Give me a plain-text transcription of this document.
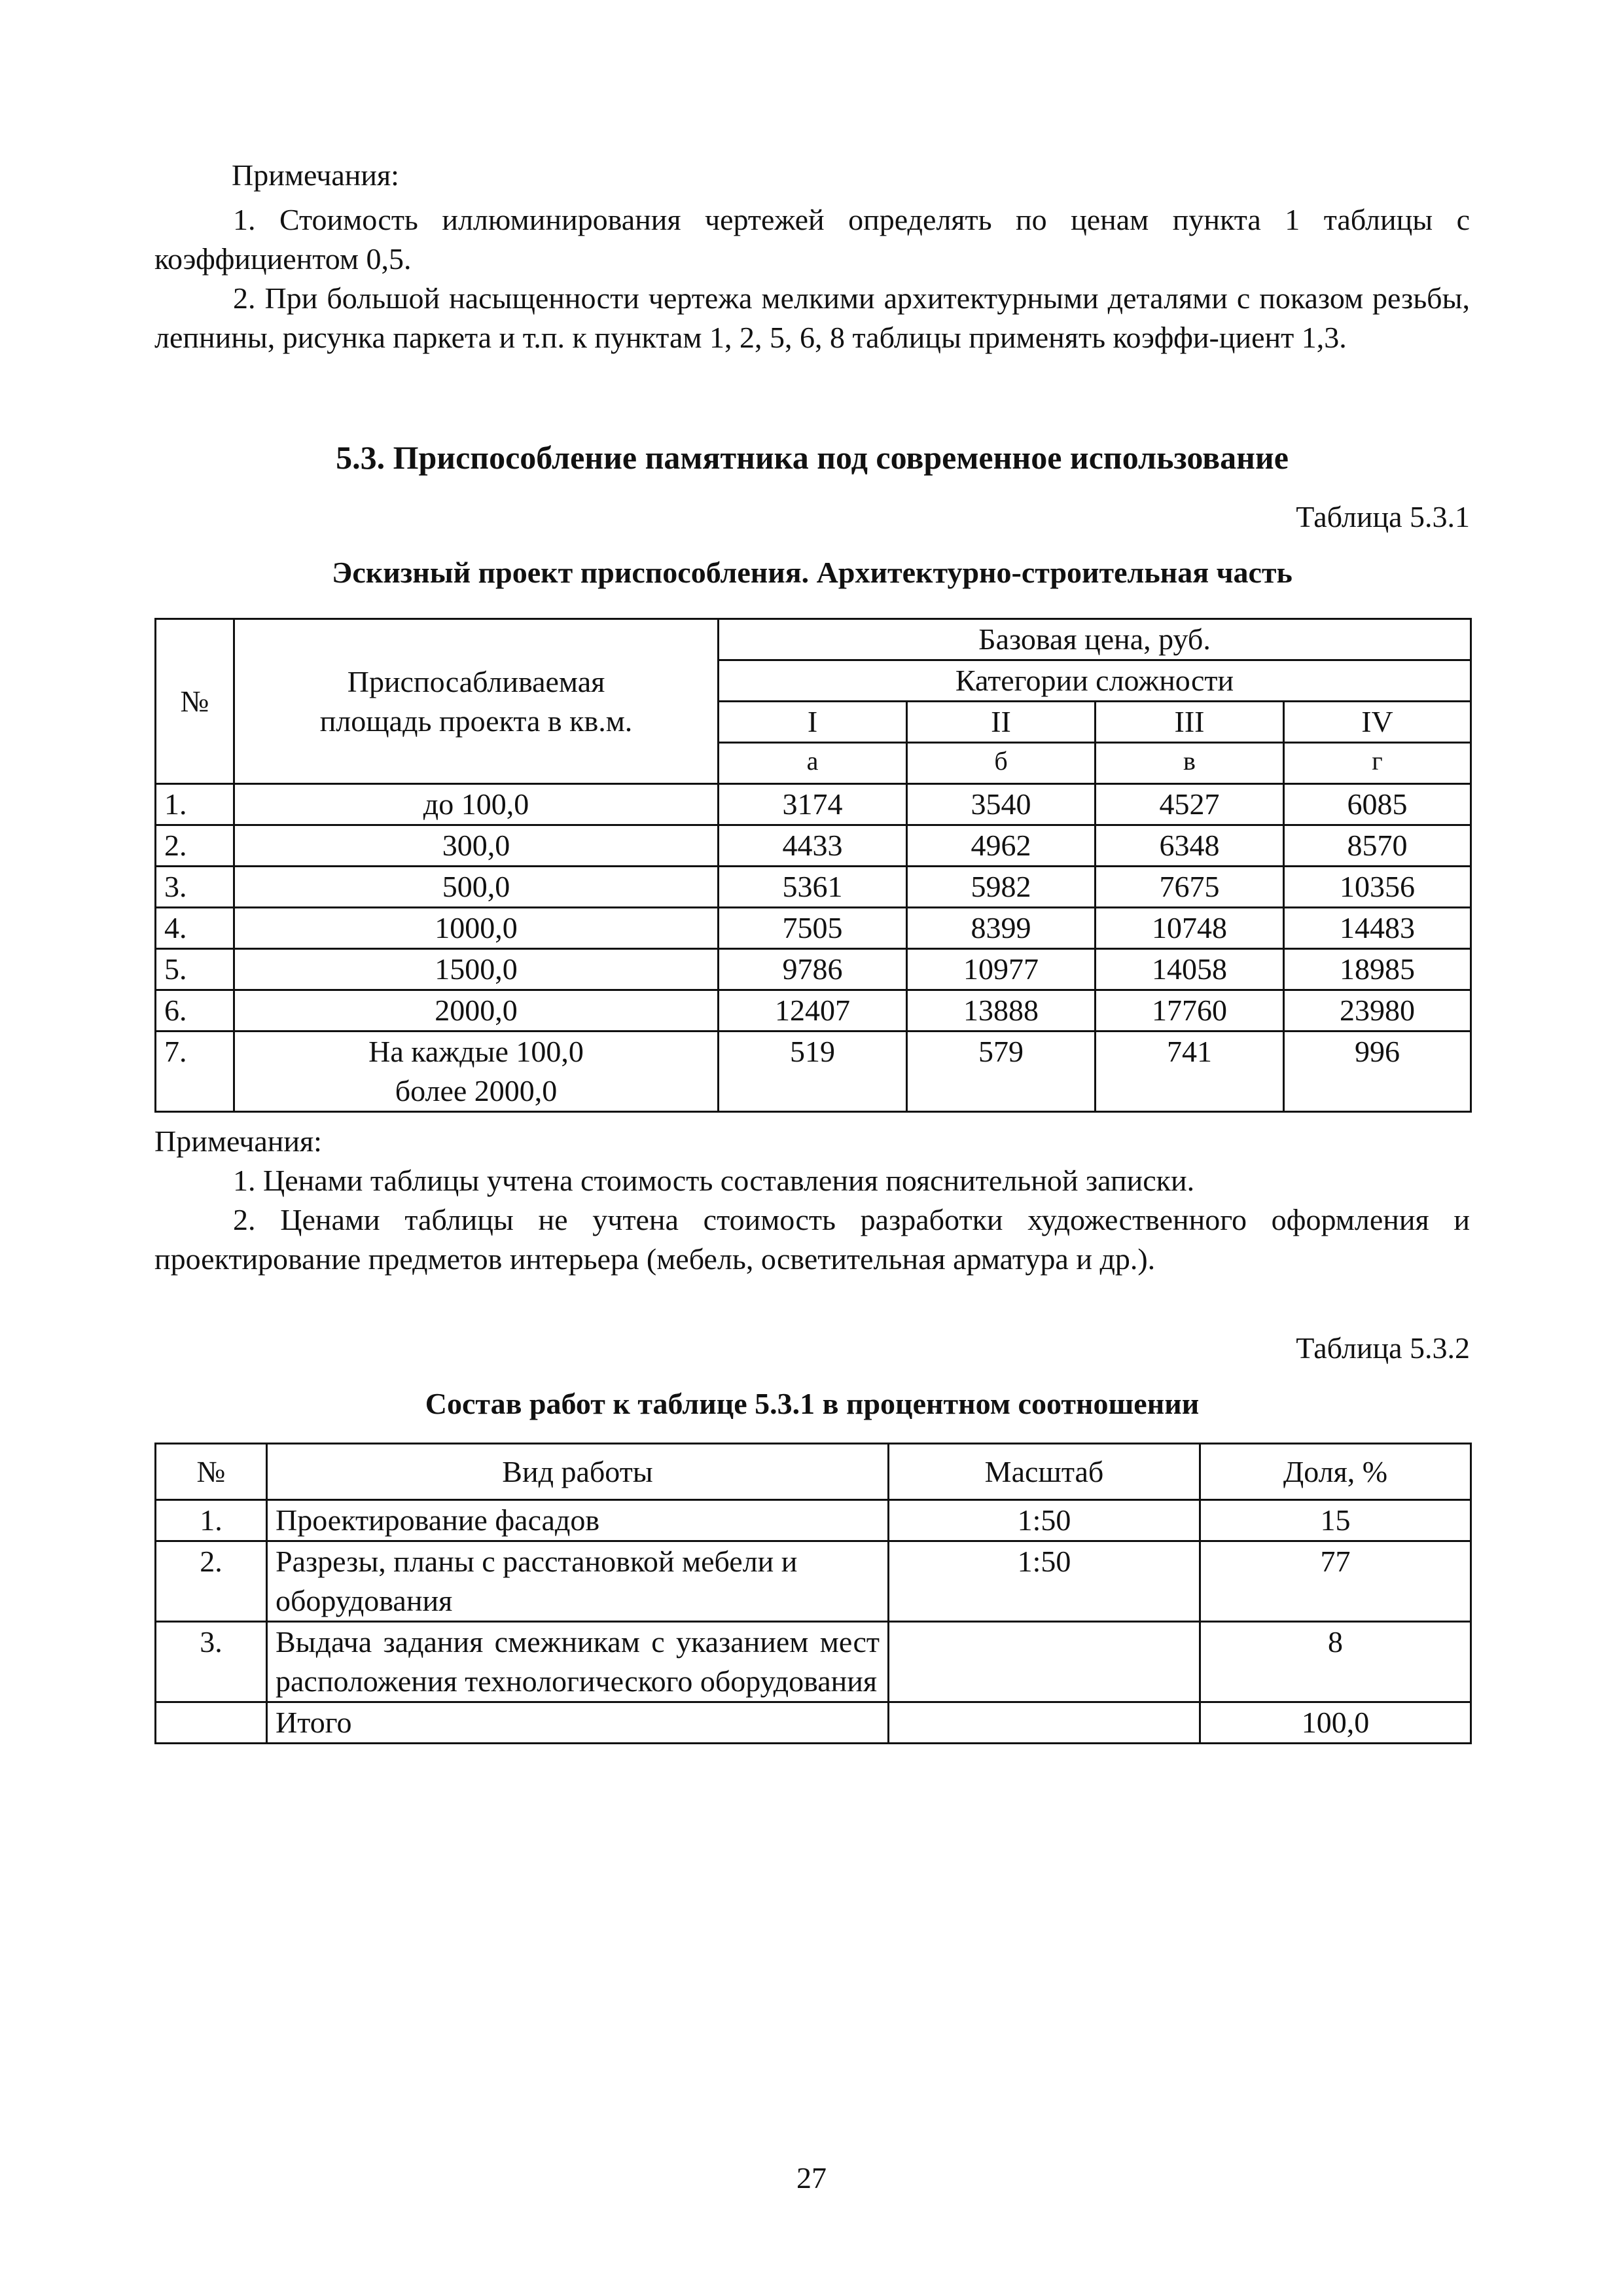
Примечания:
1. Стоимость иллюминирования чертежей определять по ценам пункта 1 таблицы с коэффициентом 0,5.
2. При большой насыщенности чертежа мелкими архитектурными деталями с показом резьбы, лепнины, рисунка паркета и т.п. к пунктам 1, 2, 5, 6, 8 таблицы применять коэффи-циент 1,3.
5.3. Приспособление памятника под современное использование
Таблица 5.3.1
Эскизный проект приспособления. Архитектурно-строительная часть
№	Приспосабливаемая площадь проекта в кв.м.	Базовая цена, руб.			
		Категории сложности			
		I	II	III	IV
		а	б	в	г
1.	до 100,0	3174	3540	4527	6085
2.	300,0	4433	4962	6348	8570
3.	500,0	5361	5982	7675	10356
4.	1000,0	7505	8399	10748	14483
5.	1500,0	9786	10977	14058	18985
6.	2000,0	12407	13888	17760	23980
7.	На каждые 100,0 более 2000,0	519	579	741	996
Примечания:
1. Ценами таблицы учтена стоимость составления пояснительной записки.
2. Ценами таблицы не учтена стоимость разработки художественного оформления и проектирование предметов интерьера (мебель, осветительная арматура и др.).
Таблица 5.3.2
Состав работ к таблице 5.3.1 в процентном соотношении
№	Вид работы	Масштаб	Доля, %
1.	Проектирование фасадов	1:50	15
2.	Разрезы, планы с расстановкой мебели и оборудования	1:50	77
3.	Выдача задания смежникам с указанием мест расположения технологического оборудования		8
	Итого		100,0
27
